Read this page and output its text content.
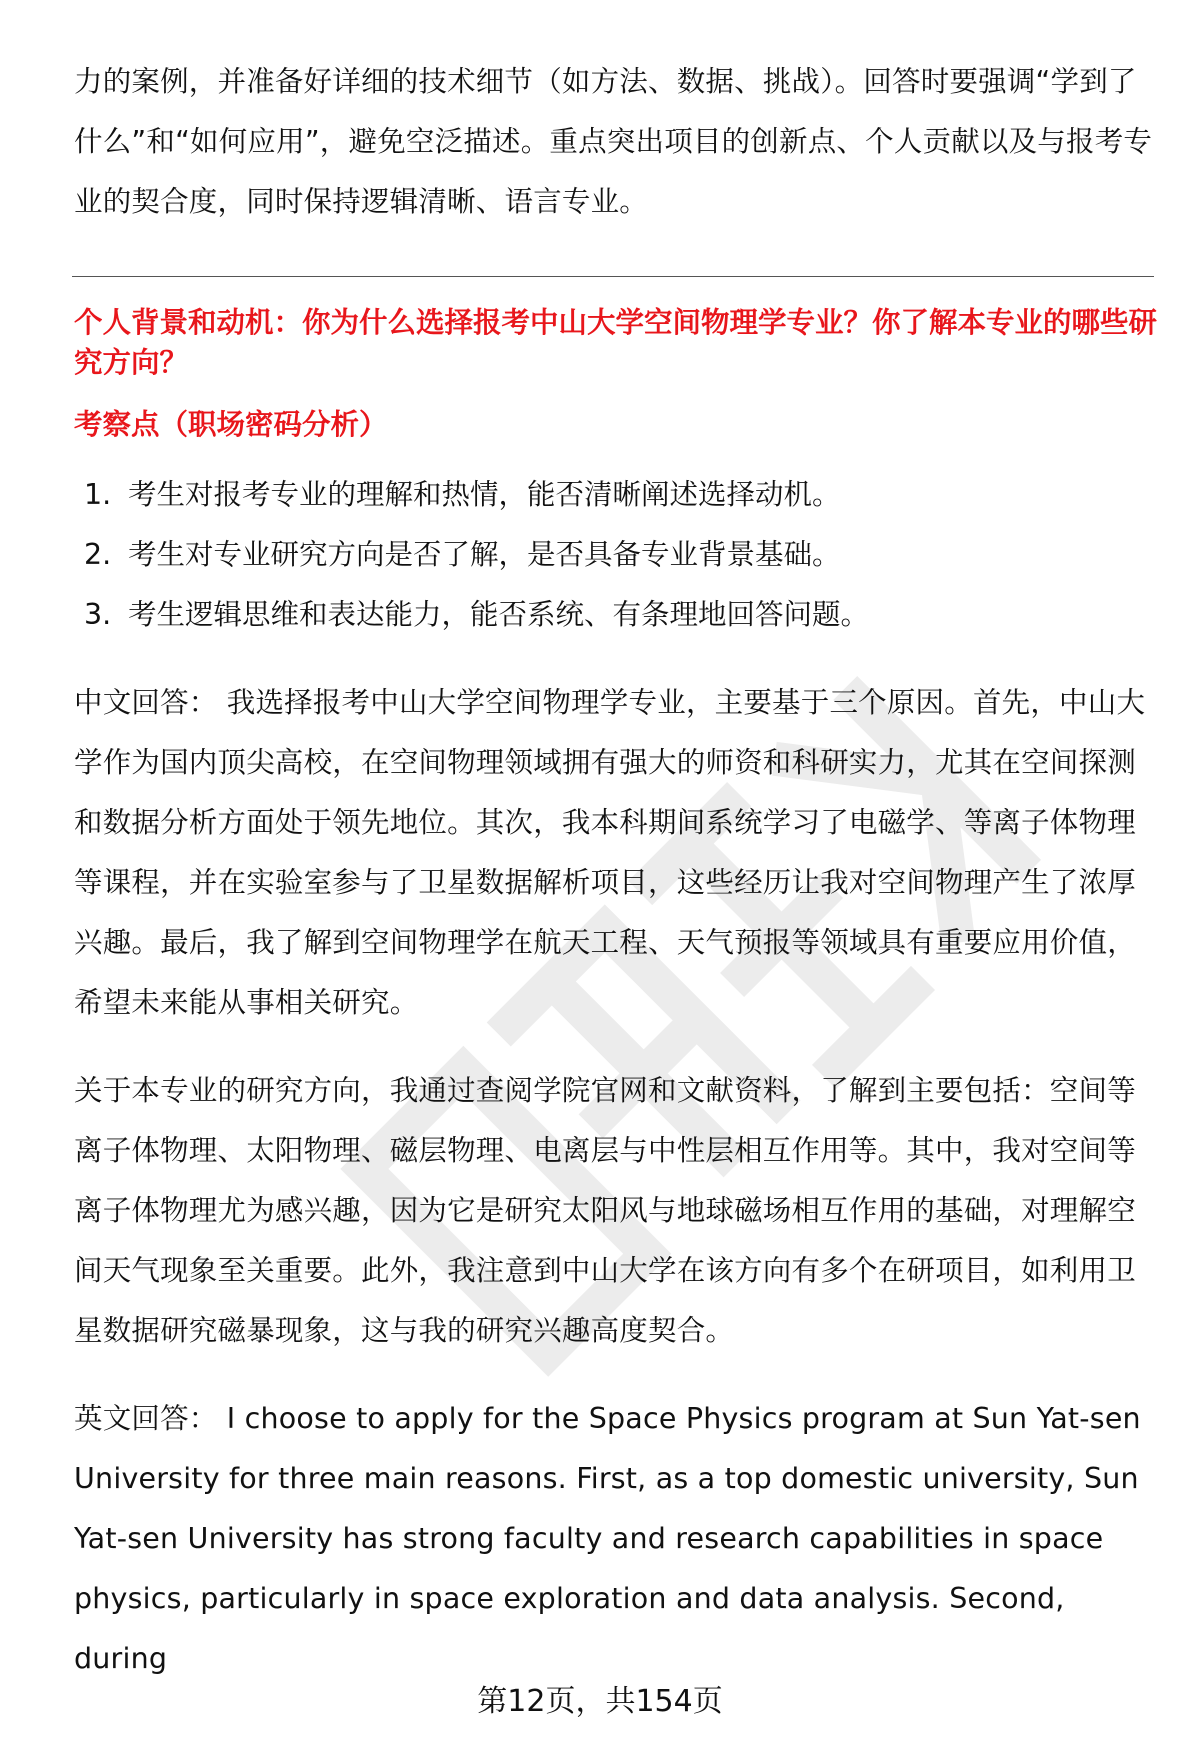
力的案例，并准备好详细的技术细节（如方法、数据、挑战）。回答时要强调“学到了什么”和“如何应用”，避免空泛描述。重点突出项目的创新点、个人贡献以及与报考专业的契合度，同时保持逻辑清晰、语言专业。

个人背景和动机：你为什么选择报考中山大学空间物理学专业？你了解本专业的哪些研究方向？

考察点（职场密码分析）

1. 考生对报考专业的理解和热情，能否清晰阐述选择动机。
2. 考生对专业研究方向是否了解，是否具备专业背景基础。
3. 考生逻辑思维和表达能力，能否系统、有条理地回答问题。

中文回答： 我选择报考中山大学空间物理学专业，主要基于三个原因。首先，中山大学作为国内顶尖高校，在空间物理领域拥有强大的师资和科研实力，尤其在空间探测和数据分析方面处于领先地位。其次，我本科期间系统学习了电磁学、等离子体物理等课程，并在实验室参与了卫星数据解析项目，这些经历让我对空间物理产生了浓厚兴趣。最后，我了解到空间物理学在航天工程、天气预报等领域具有重要应用价值，希望未来能从事相关研究。

关于本专业的研究方向，我通过查阅学院官网和文献资料，了解到主要包括：空间等离子体物理、太阳物理、磁层物理、电离层与中性层相互作用等。其中，我对空间等离子体物理尤为感兴趣，因为它是研究太阳风与地球磁场相互作用的基础，对理解空间天气现象至关重要。此外，我注意到中山大学在该方向有多个在研项目，如利用卫星数据研究磁暴现象，这与我的研究兴趣高度契合。

英文回答： I choose to apply for the Space Physics program at Sun Yat-sen University for three main reasons. First, as a top domestic university, Sun Yat-sen University has strong faculty and research capabilities in space physics, particularly in space exploration and data analysis. Second, during

第12页，共154页
